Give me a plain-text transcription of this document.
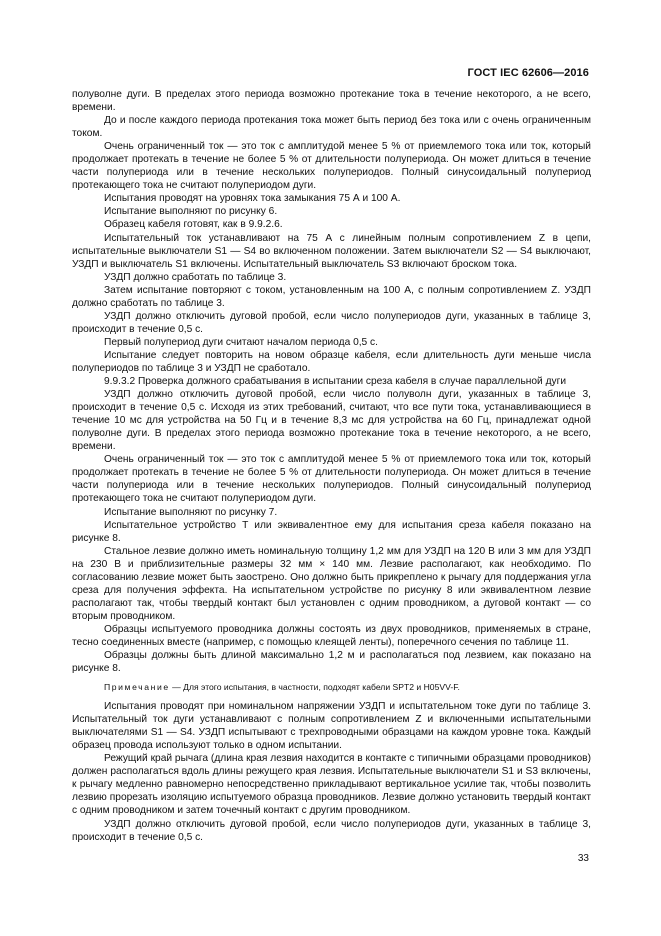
ГОСТ IEC 62606—2016

полуволне дуги. В пределах этого периода возможно протекание тока в течение некоторого, а не всего, времени.

До и после каждого периода протекания тока может быть период без тока или с очень ограниченным током.

Очень ограниченный ток — это ток с амплитудой менее 5 % от приемлемого тока или ток, который продолжает протекать в течение не более 5 % от длительности полупериода. Он может длиться в течение части полупериода или в течение нескольких полупериодов. Полный синусоидальный полупериод протекающего тока не считают полупериодом дуги.

Испытания проводят на уровнях тока замыкания 75 А и 100 А.

Испытание выполняют по рисунку 6.

Образец кабеля готовят, как в 9.9.2.6.

Испытательный ток устанавливают на 75 А с линейным полным сопротивлением Z в цепи, испытательные выключатели S1 — S4 во включенном положении. Затем выключатели S2 — S4 выключают, УЗДП и выключатель S1 включены. Испытательный выключатель S3 включают броском тока.

УЗДП должно сработать по таблице 3.

Затем испытание повторяют с током, установленным на 100 А, с полным сопротивлением Z. УЗДП должно сработать по таблице 3.

УЗДП должно отключить дуговой пробой, если число полупериодов дуги, указанных в таблице 3, происходит в течение 0,5 с.

Первый полупериод дуги считают началом периода 0,5 с.

Испытание следует повторить на новом образце кабеля, если длительность дуги меньше числа полупериодов по таблице 3 и УЗДП не сработало.

9.9.3.2 Проверка должного срабатывания в испытании среза кабеля в случае параллельной дуги

УЗДП должно отключить дуговой пробой, если число полуволн дуги, указанных в таблице 3, происходит в течение 0,5 с. Исходя из этих требований, считают, что все пути тока, устанавливающиеся в течение 10 мс для устройства на 50 Гц и в течение 8,3 мс для устройства на 60 Гц, принадлежат одной полуволне дуги. В пределах этого периода возможно протекание тока в течение некоторого, а не всего, времени.

Очень ограниченный ток — это ток с амплитудой менее 5 % от приемлемого тока или ток, который продолжает протекать в течение не более 5 % от длительности полупериода. Он может длиться в течение части полупериода или в течение нескольких полупериодов. Полный синусоидальный полупериод протекающего тока не считают полупериодом дуги.

Испытание выполняют по рисунку 7.

Испытательное устройство T или эквивалентное ему для испытания среза кабеля показано на рисунке 8.

Стальное лезвие должно иметь номинальную толщину 1,2 мм для УЗДП на 120 В или 3 мм для УЗДП на 230 В и приблизительные размеры 32 мм × 140 мм. Лезвие располагают, как необходимо. По согласованию лезвие может быть заострено. Оно должно быть прикреплено к рычагу для поддержания угла среза для получения эффекта. На испытательном устройстве по рисунку 8 или эквивалентном лезвие располагают так, чтобы твердый контакт был установлен с одним проводником, а дуговой контакт — со вторым проводником.

Образцы испытуемого проводника должны состоять из двух проводников, применяемых в стране, тесно соединенных вместе (например, с помощью клеящей ленты), поперечного сечения по таблице 11.

Образцы должны быть длиной максимально 1,2 м и располагаться под лезвием, как показано на рисунке 8.

Примечание — Для этого испытания, в частности, подходят кабели SPT2 и H05VV-F.

Испытания проводят при номинальном напряжении УЗДП и испытательном токе дуги по таблице 3. Испытательный ток дуги устанавливают с полным сопротивлением Z и включенными испытательными выключателями S1 — S4. УЗДП испытывают с трехпроводными образцами на каждом уровне тока. Каждый образец провода используют только в одном испытании.

Режущий край рычага (длина края лезвия находится в контакте с типичными образцами проводников) должен располагаться вдоль длины режущего края лезвия. Испытательные выключатели S1 и S3 включены, к рычагу медленно равномерно непосредственно прикладывают вертикальное усилие так, чтобы позволить лезвию прорезать изоляцию испытуемого образца проводников. Лезвие должно установить твердый контакт с одним проводником и затем точечный контакт с другим проводником.

УЗДП должно отключить дуговой пробой, если число полупериодов дуги, указанных в таблице 3, происходит в течение 0,5 с.

33
